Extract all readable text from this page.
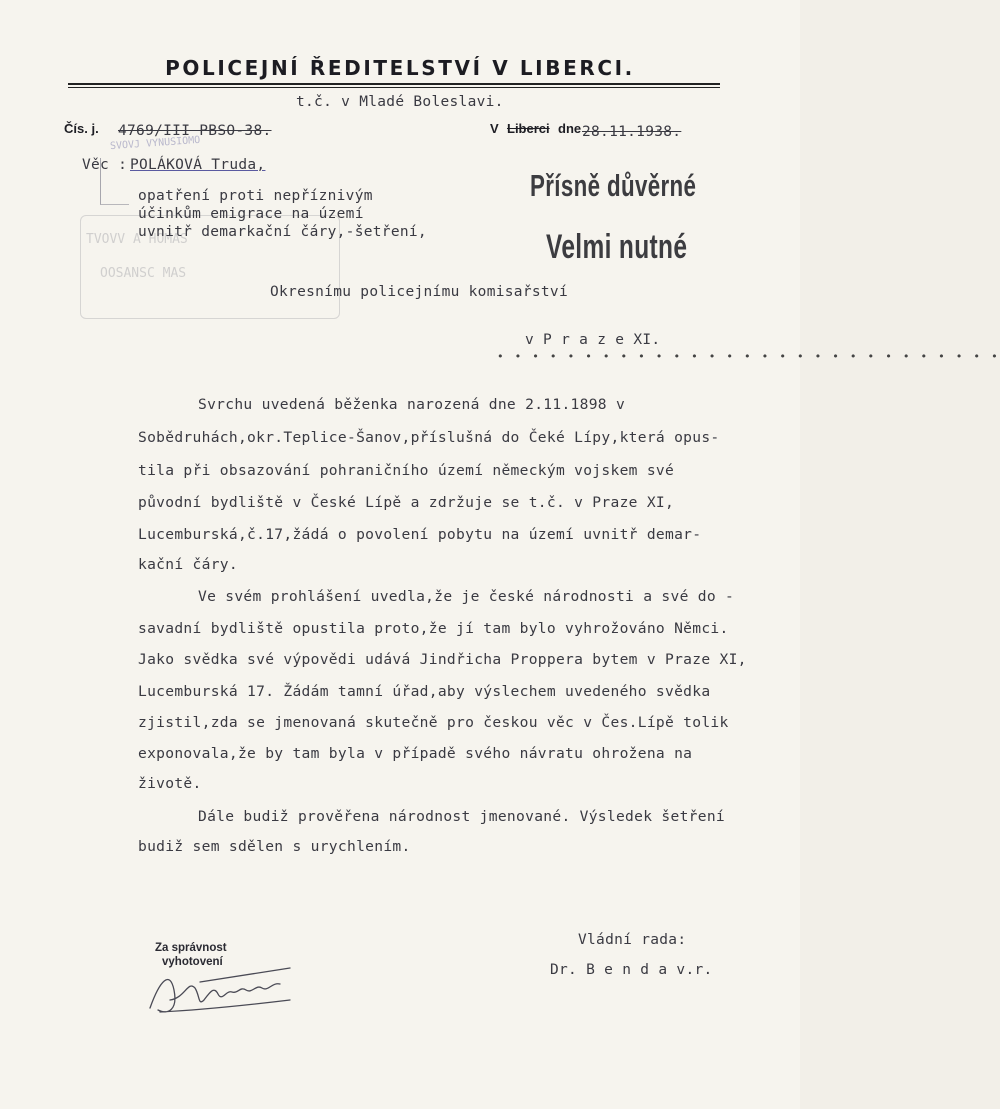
TVOVV A HOMAS
OOSANSC MAS
POLICEJNÍ ŘEDITELSTVÍ V LIBERCI.
t.č. v Mladé Boleslavi.
Čís. j. 4769/III PBSO-38.	V Liberci dne 28.11.1938.
SVOVJ VYNUSIOMO
Věc : POLÁKOVÁ Truda,
opatření proti nepříznivým
účinkům emigrace na území
uvnitř demarkační čáry,-šetření,
Přísně důvěrné
Velmi nutné
Okresnímu policejnímu komisařství
v P r a z e XI.
• • • • • • • • • • • • • • • • • • • • • • • • • • • • •
Svrchu uvedená běženka narozená dne 2.11.1898 v
Sobědruhách,okr.Teplice-Šanov,příslušná do Čeké Lípy,která opus-
tila při obsazování pohraničního území německým vojskem své
původní bydliště v České Lípě a zdržuje se t.č. v Praze XI,
Lucemburská,č.17,žádá o povolení pobytu na území uvnitř demar-
kační čáry.
Ve svém prohlášení uvedla,že je české národnosti a své do -
savadní bydliště opustila proto,že jí tam bylo vyhrožováno Němci.
Jako svědka své výpovědi udává Jindřicha Proppera bytem v Praze XI,
Lucemburská 17. Žádám tamní úřad,aby výslechem uvedeného svědka
zjistil,zda se jmenovaná skutečně pro českou věc v Čes.Lípě tolik
exponovala,že by tam byla v případě svého návratu ohrožena na
životě.
Dále budiž prověřena národnost jmenované. Výsledek šetření
budiž sem sdělen s urychlením.
Za správnost
vyhotovení
Vládní rada:
Dr. B e n d a v.r.
